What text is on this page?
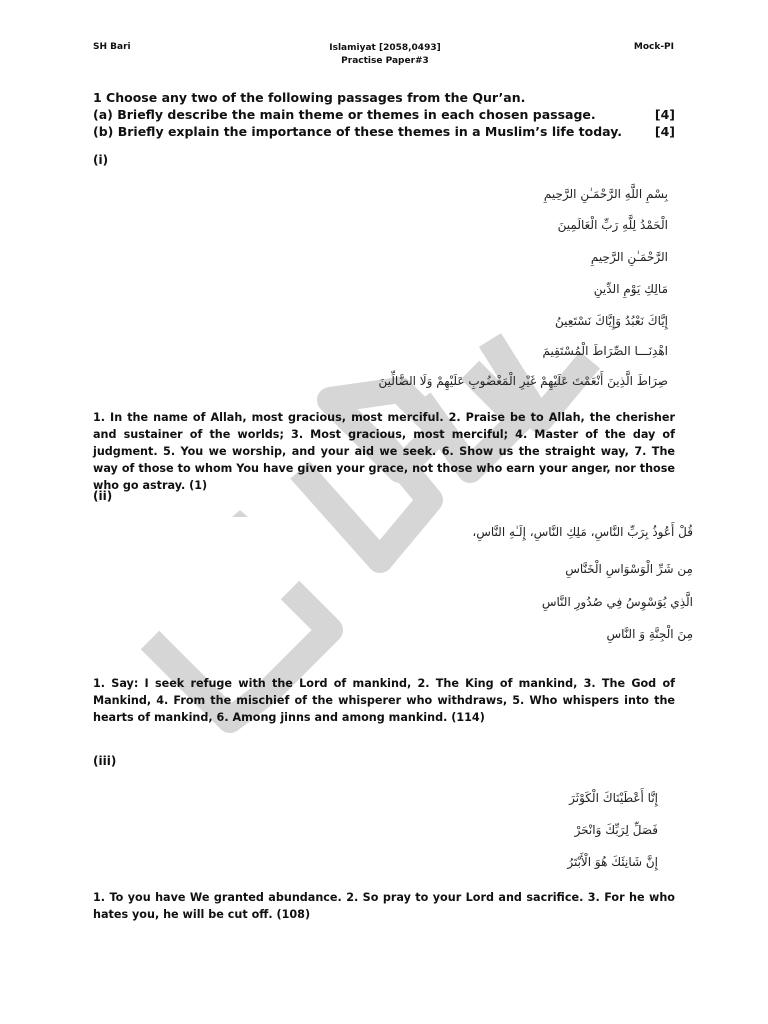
SH Bari	Islamiyat [2058,0493]
Practise Paper#3
Mock-PI
1 Choose any two of the following passages from the Qur’an.
(a) Briefly describe the main theme or themes in each chosen passage.	[4]
(b) Briefly explain the importance of these themes in a Muslim’s life today.	[4]
(i)
بِسْمِ اللَّهِ الرَّحْمَـٰنِ الرَّحِيمِ
الْحَمْدُ لِلَّهِ رَبِّ الْعَالَمِينَ
الرَّحْمَـٰنِ الرَّحِيمِ
مَالِكِ يَوْمِ الدِّينِ
إِيَّاكَ نَعْبُدُ وَإِيَّاكَ نَسْتَعِينُ
اهْدِنَـــا الصِّرَاطَ الْمُسْتَقِيمَ
صِرَاطَ الَّذِينَ أَنْعَمْتَ عَلَيْهِمْ غَيْرِ الْمَغْضُوبِ عَلَيْهِمْ وَلَا الضَّالِّينَ
1. In the name of Allah, most gracious, most merciful. 2. Praise be to Allah, the cherisher and sustainer of the worlds; 3. Most gracious, most merciful; 4. Master of the day of judgment. 5. You we worship, and your aid we seek. 6. Show us the straight way, 7. The way of those to whom You have given your grace, not those who earn your anger, nor those who go astray. (1)
(ii)
قُلْ أَعُوذُ بِرَبِّ النَّاسِ، مَلِكِ النَّاسِ، إِلَـٰهِ النَّاسِ،
مِن شَرِّ الْوَسْوَاسِ الْخَنَّاسِ
الَّذِي يُوَسْوِسُ فِي صُدُورِ النَّاسِ
مِنَ الْجِنَّةِ وَ النَّاسِ
1. Say: I seek refuge with the Lord of mankind, 2. The King of mankind, 3. The God of Mankind, 4. From the mischief of the whisperer who withdraws, 5. Who whispers into the hearts of mankind, 6. Among jinns and among mankind. (114)
(iii)
إِنَّا أَعْطَيْنَاكَ الْكَوْثَرَ
فَصَلِّ لِرَبِّكَ وَانْحَرْ
إِنَّ شَانِئَكَ هُوَ الْأَبْتَرُ
1. To you have We granted abundance. 2. So pray to your Lord and sacrifice. 3. For he who hates you, he will be cut off. (108)
